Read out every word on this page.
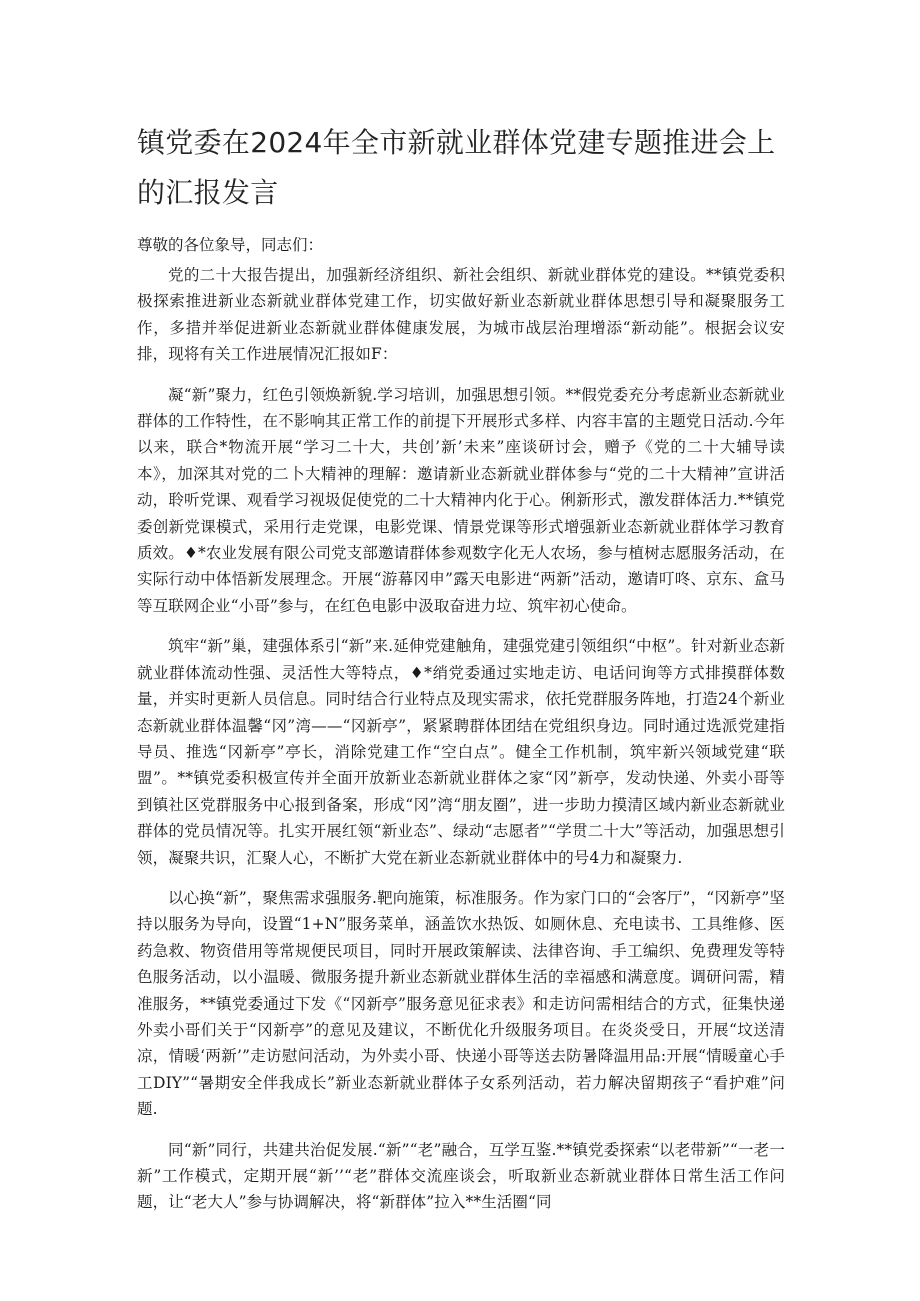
镇党委在2024年全市新就业群体党建专题推进会上
的汇报发言

尊敬的各位象导，同志们：

党的二十大报告提出，加强新经济组织、新社会组织、新就业群体党的建设。**镇党委积极探索推进新业态新就业群体党建工作，切实做好新业态新就业群体思想引导和凝聚服务工作，多措并举促进新业态新就业群体健康发展，为城市战层治理增添“新动能”。根据会议安排，现将有关工作进展情况汇报如F：

凝“新”聚力，红色引领焕新貌.学习培训，加强思想引领。**假党委充分考虑新业态新就业群体的工作特性，在不影响其正常工作的前提下开展形式多样、内容丰富的主题党日活动.今年以来，联合*物流开展“学习二十大，共创’新’未来”座谈研讨会，赠予《党的二十大辅导读本》，加深其对党的二卜大精神的理解：邀请新业态新就业群体参与“党的二十大精神”宣讲活动，聆听党课、观看学习视圾促使党的二十大精神内化于心。俐新形式，激发群体活力.**镇党委创新党课模式，采用行走党课，电影党课、情景党课等形式增强新业态新就业群体学习教育质效。♦*农业发展有限公司党支部邀请群体参观数字化无人农场，参与植树志愿服务活动，在实际行动中体悟新发展理念。开展“游幕冈申”露天电影进“两新”活动，邀请叮咚、京东、盒马等互联网企业“小哥”参与，在红色电影中汲取奋进力垃、筑牢初心使命。

筑牢“新”巢，建强体系引“新”来.延伸党建触角，建强党建引领组织“中枢”。针对新业态新就业群体流动性强、灵活性大等特点，♦*绡党委通过实地走访、电话问询等方式排摸群体数量，并实时更新人员信息。同时结合行业特点及现实需求，依托党群服务阵地，打造24个新业态新就业群体温馨“冈”湾——“冈新亭”，紧紧聘群体团结在党组织身边。同时通过选派党建指导员、推选“冈新亭”亭长，消除党建工作“空白点”。健全工作机制，筑牢新兴领域党建“联盟”。**镇党委积极宣传并全面开放新业态新就业群体之家“冈”新亭，发动快递、外卖小哥等到镇社区党群服务中心报到备案，形成“冈”湾“朋友圈”，进一步助力摸清区域内新业态新就业群体的党员情况等。扎实开展红领“新业态”、绿动“志愿者”“学贯二十大”等活动，加强思想引领，凝聚共识，汇聚人心，不断扩大党在新业态新就业群体中的号4力和凝聚力.

以心换“新”，聚焦需求强服务.靶向施策，标准服务。作为家门口的“会客厅”，“冈新亭”坚持以服务为导向，设置“1+N”服务菜单，涵盖饮水热饭、如厕休息、充电读书、工具维修、医药急救、物资借用等常规便民项目，同时开展政策解读、法律咨询、手工编织、免费理发等特色服务活动，以小温暖、微服务提升新业态新就业群体生活的幸福感和满意度。调研问需，精准服务，**镇党委通过下发《“冈新亭”服务意见征求表》和走访问需相结合的方式，征集快递外卖小哥们关于“冈新亭”的意见及建议，不断优化升级服务项目。在炎炎受日，开展“坟送清凉，情暖‘两新’”走访慰问活动，为外卖小哥、快递小哥等送去防暑降温用品:开展“情暖童心手工DIY”“暑期安全伴我成长”新业态新就业群体子女系列活动，若力解决留期孩子“看护难”问题.

同“新”同行，共建共治促发展.“新”“老”融合，互学互鉴.**镇党委探索“以老带新”“一老一新”工作模式，定期开展“新’’“老”群体交流座谈会，听取新业态新就业群体日常生活工作问题，让“老大人”参与协调解决，将“新群体”拉入**生活圈“同
